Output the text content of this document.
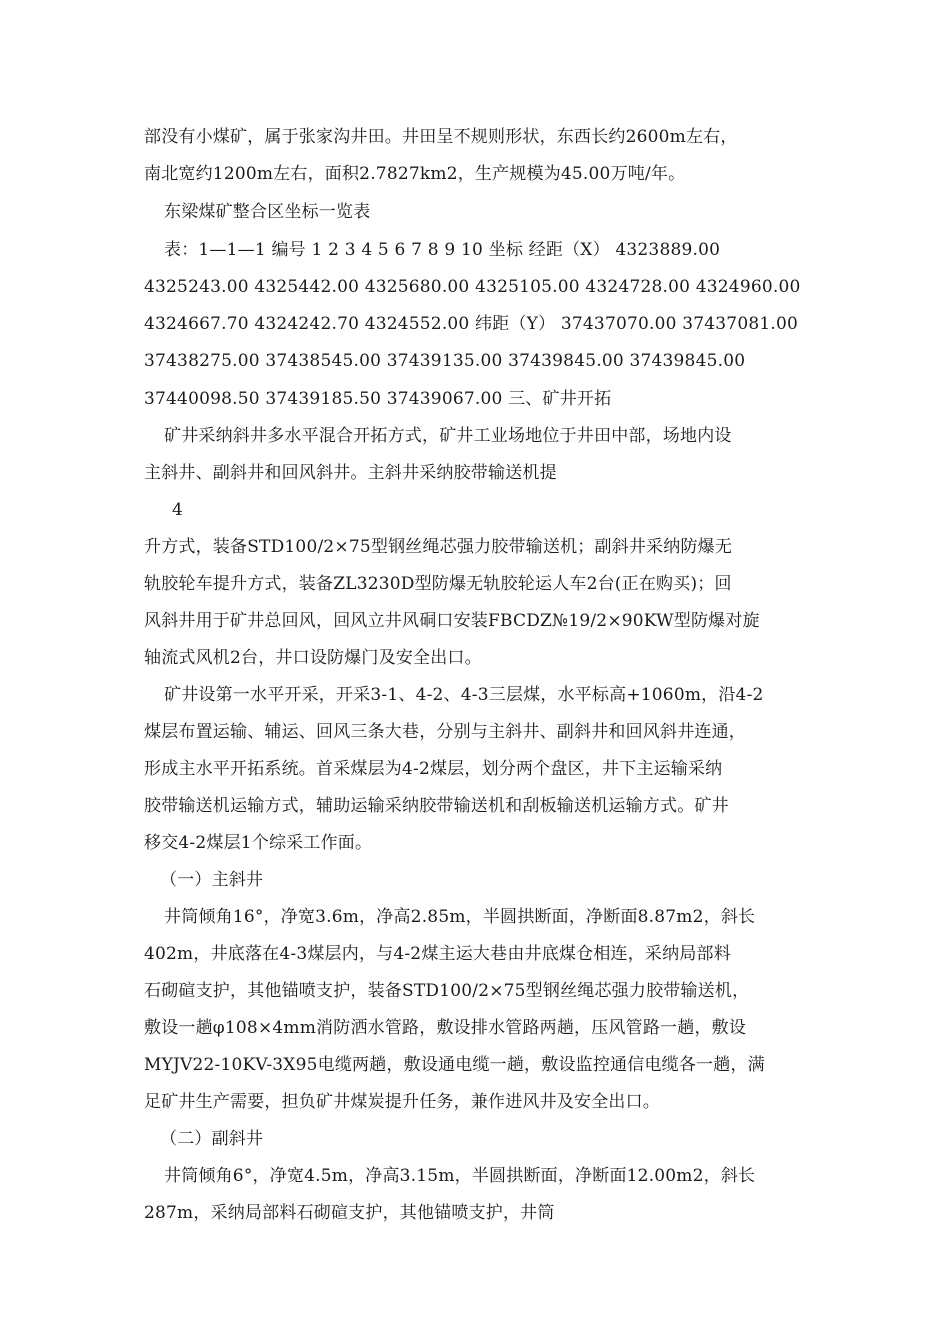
部没有小煤矿，属于张家沟井田。井田呈不规则形状，东西长约2600m左右，

南北宽约1200m左右，面积2.7827km2，生产规模为45.00万吨/年。

东梁煤矿整合区坐标一览表

表：1—1—1 编号 1 2 3 4 5 6 7 8 9 10 坐标 经距（X） 4323889.00

4325243.00 4325442.00 4325680.00 4325105.00 4324728.00 4324960.00

4324667.70 4324242.70 4324552.00 纬距（Y） 37437070.00 37437081.00

37438275.00 37438545.00 37439135.00 37439845.00 37439845.00

37440098.50 37439185.50 37439067.00 三、矿井开拓

矿井采纳斜井多水平混合开拓方式，矿井工业场地位于井田中部，场地内设

主斜井、副斜井和回风斜井。主斜井采纳胶带输送机提

4

升方式，装备STD100/2×75型钢丝绳芯强力胶带输送机；副斜井采纳防爆无

轨胶轮车提升方式，装备ZL3230D型防爆无轨胶轮运人车2台(正在购买)；回

风斜井用于矿井总回风，回风立井风硐口安装FBCDZ№19/2×90KW型防爆对旋

轴流式风机2台，井口设防爆门及安全出口。

矿井设第一水平开采，开采3-1、4-2、4-3三层煤，水平标高+1060m，沿4-2

煤层布置运输、辅运、回风三条大巷，分别与主斜井、副斜井和回风斜井连通，

形成主水平开拓系统。首采煤层为4-2煤层，划分两个盘区，井下主运输采纳

胶带输送机运输方式，辅助运输采纳胶带输送机和刮板输送机运输方式。矿井

移交4-2煤层1个综采工作面。

（一）主斜井

井筒倾角16°，净宽3.6m，净高2.85m，半圆拱断面，净断面8.87m2，斜长

402m，井底落在4-3煤层内，与4-2煤主运大巷由井底煤仓相连，采纳局部料

石砌碹支护，其他锚喷支护，装备STD100/2×75型钢丝绳芯强力胶带输送机，

敷设一趟φ108×4mm消防洒水管路，敷设排水管路两趟，压风管路一趟，敷设

MYJV22-10KV-3X95电缆两趟，敷设通电缆一趟，敷设监控通信电缆各一趟，满

足矿井生产需要，担负矿井煤炭提升任务，兼作进风井及安全出口。

（二）副斜井

井筒倾角6°，净宽4.5m，净高3.15m，半圆拱断面，净断面12.00m2，斜长

287m，采纳局部料石砌碹支护，其他锚喷支护，井筒
